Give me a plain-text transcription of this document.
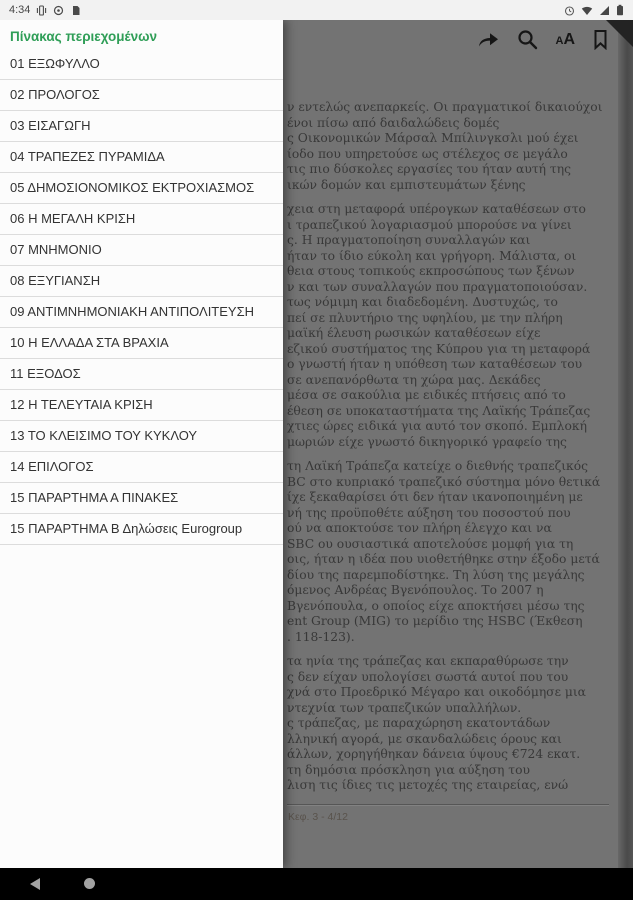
4:34
A A
ν εντελώς ανεπαρκείς. Οι πραγματικοί δικαιούχοι
ένοι πίσω από δαιδαλώδεις δομές
ς Οικονομικών Μάρσαλ Μπίλινγκσλι μού έχει
ίοδο που υπηρετούσε ως στέλεχος σε μεγάλο
τις πιο δύσκολες εργασίες του ήταν αυτή της
ικών δομών και εμπιστευμάτων ξένης
χεια στη μεταφορά υπέρογκων καταθέσεων στο
ι τραπεζικού λογαριασμού μπορούσε να γίνει
ς. Η πραγματοποίηση συναλλαγών και
ήταν το ίδιο εύκολη και γρήγορη. Μάλιστα, οι
θεια στους τοπικούς εκπροσώπους των ξένων
ν και των συναλλαγών που πραγματοποιούσαν.
τως νόμιμη και διαδεδομένη. Δυστυχώς, το
πεί σε πλυντήριο της υφηλίου, με την πλήρη
μαϊκή έλευση ρωσικών καταθέσεων είχε
εζικού συστήματος της Κύπρου για τη μεταφορά
ο γνωστή ήταν η υπόθεση των καταθέσεων του
σε ανεπανόρθωτα τη χώρα μας. Δεκάδες
μέσα σε σακούλια με ειδικές πτήσεις από το
έθεση σε υποκαταστήματα της Λαϊκής Τράπεζας
χτιες ώρες ειδικά για αυτό τον σκοπό. Εμπλοκή
μωριών είχε γνωστό δικηγορικό γραφείο της
τη Λαϊκή Τράπεζα κατείχε ο διεθνής τραπεζικός
BC στο κυπριακό τραπεζικό σύστημα μόνο θετικά
ίχε ξεκαθαρίσει ότι δεν ήταν ικανοποιημένη με
νή της προϋποθέτε αύξηση του ποσοστού που
ού να αποκτούσε τον πλήρη έλεγχο και να
SBC ου ουσιαστικά αποτελούσε μομφή για τη
οις, ήταν η ιδέα που υιοθετήθηκε στην έξοδο μετά
δίου της παρεμποδίστηκε. Τη λύση της μεγάλης
όμενος Ανδρέας Βγενόπουλος. Το 2007 η
Βγενόπουλα, ο οποίος είχε αποκτήσει μέσω της
ent Group (MIG) το μερίδιο της HSBC (Έκθεση
. 118-123).
τα ηνία της τράπεζας και εκπαραθύρωσε την
ς δεν είχαν υπολογίσει σωστά αυτοί που του
χνά στο Προεδρικό Μέγαρο και οικοδόμησε μια
ντεχνία των τραπεζικών υπαλλήλων.
ς τράπεζας, με παραχώρηση εκατοντάδων
λληνική αγορά, με σκανδαλώδεις όρους και
άλλων, χορηγήθηκαν δάνεια ύψους €724 εκατ.
τη δημόσια πρόσκληση για αύξηση του
λιση τις ίδιες τις μετοχές της εταιρείας, ενώ
Κεφ. 3 - 4/12
Πίνακας περιεχομένων
01 ΕΞΩΦΥΛΛΟ
02 ΠΡΟΛΟΓΟΣ
03 ΕΙΣΑΓΩΓΗ
04 ΤΡΑΠΕΖΕΣ ΠΥΡΑΜΙΔΑ
05 ΔΗΜΟΣΙΟΝΟΜΙΚΟΣ ΕΚΤΡΟΧΙΑΣΜΟΣ
06 Η ΜΕΓΑΛΗ ΚΡΙΣΗ
07 ΜΝΗΜΟΝΙΟ
08 ΕΞΥΓΙΑΝΣΗ
09 ΑΝΤΙΜΝΗΜΟΝΙΑΚΗ ΑΝΤΙΠΟΛΙΤΕΥΣΗ
10 Η ΕΛΛΑΔΑ ΣΤΑ ΒΡΑΧΙΑ
11 ΕΞΟΔΟΣ
12 Η ΤΕΛΕΥΤΑΙΑ ΚΡΙΣΗ
13 ΤΟ ΚΛΕΙΣΙΜΟ ΤΟΥ ΚΥΚΛΟΥ
14 ΕΠΙΛΟΓΟΣ
15 ΠΑΡΑΡΤΗΜΑ Α ΠΙΝΑΚΕΣ
15 ΠΑΡΑΡΤΗΜΑ Β Δηλώσεις Eurogroup
